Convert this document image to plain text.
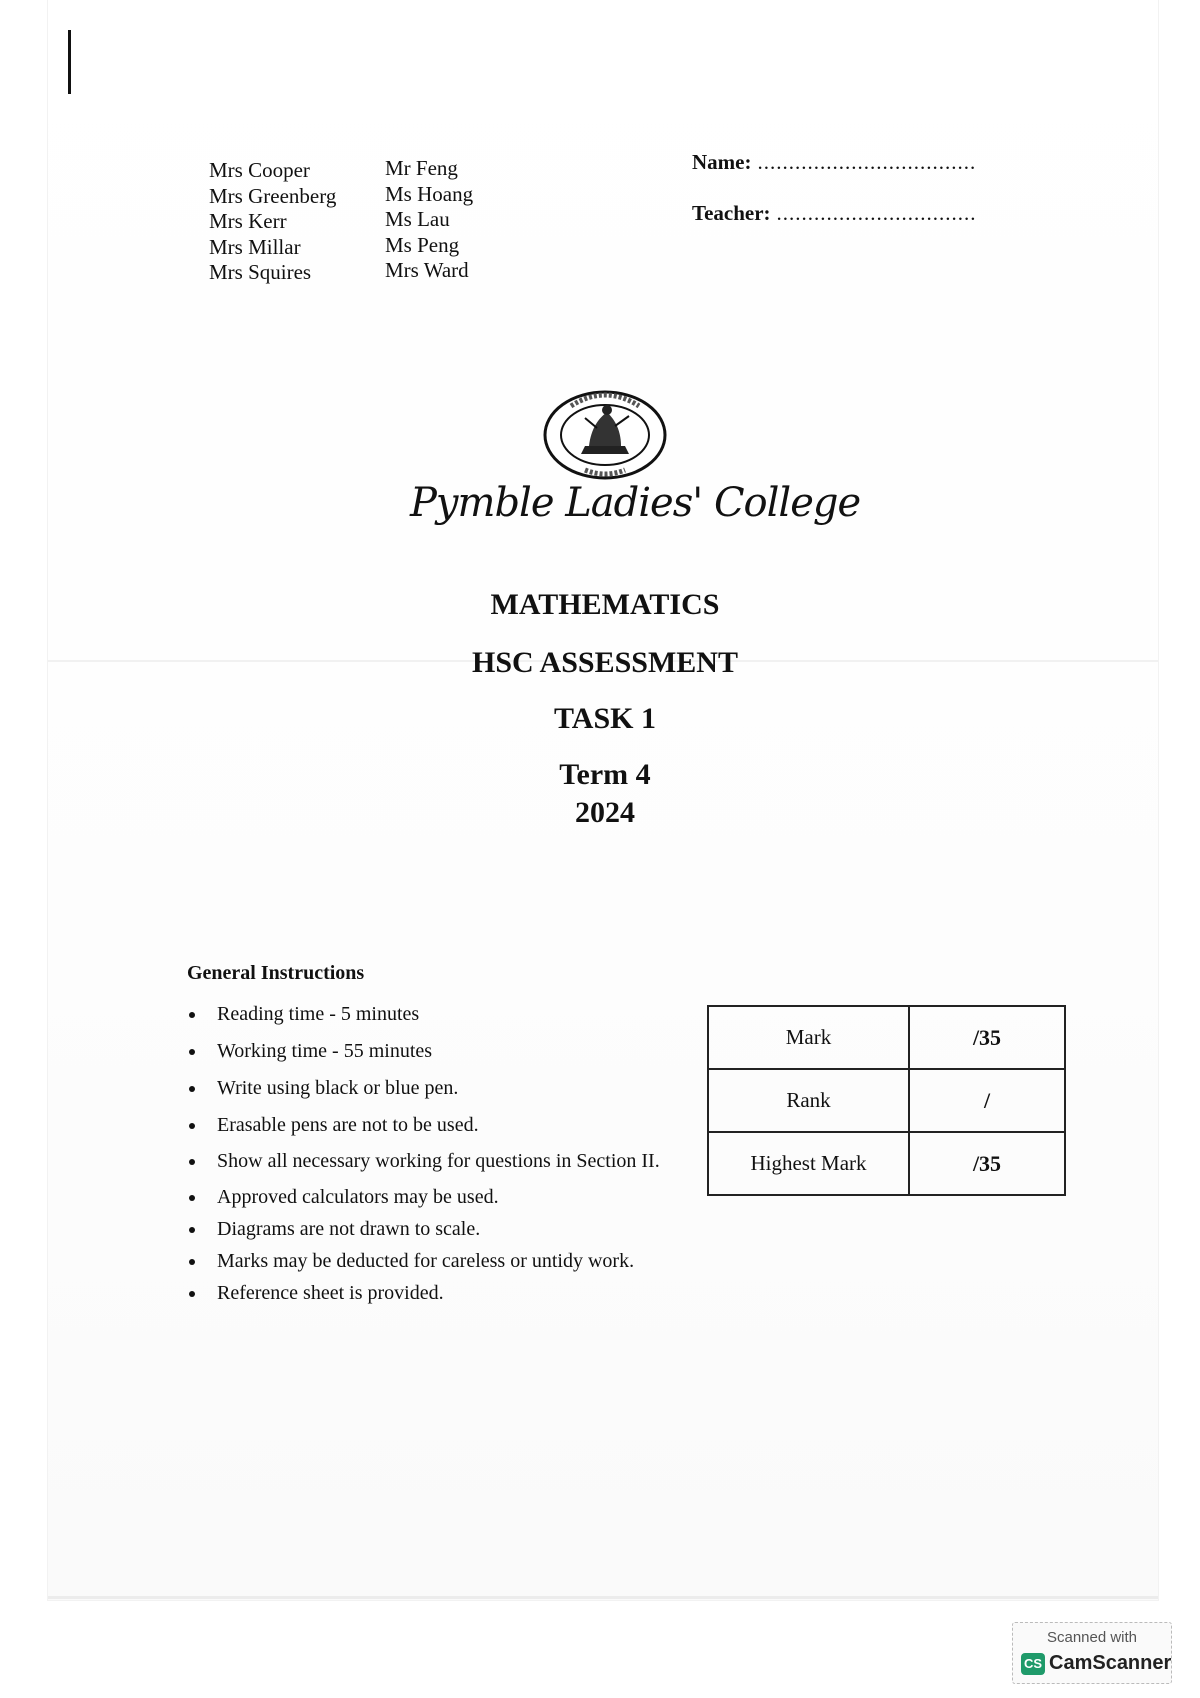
Mrs Cooper
Mrs Greenberg
Mrs Kerr
Mrs Millar
Mrs Squires
Mr Feng
Ms Hoang
Ms Lau
Ms Peng
Mrs Ward
Name: ...................................
Teacher: ................................
Pymble Ladies' College
MATHEMATICS
HSC ASSESSMENT
TASK 1
Term 4
2024
General Instructions
Reading time - 5 minutes
Working time - 55 minutes
Write using black or blue pen.
Erasable pens are not to be used.
Show all necessary working for questions in Section II.
Approved calculators may be used.
Diagrams are not drawn to scale.
Marks may be deducted for careless or untidy work.
Reference sheet is provided.
Mark	/35
Rank	/
Highest Mark	/35
Scanned with
CS CamScanner
